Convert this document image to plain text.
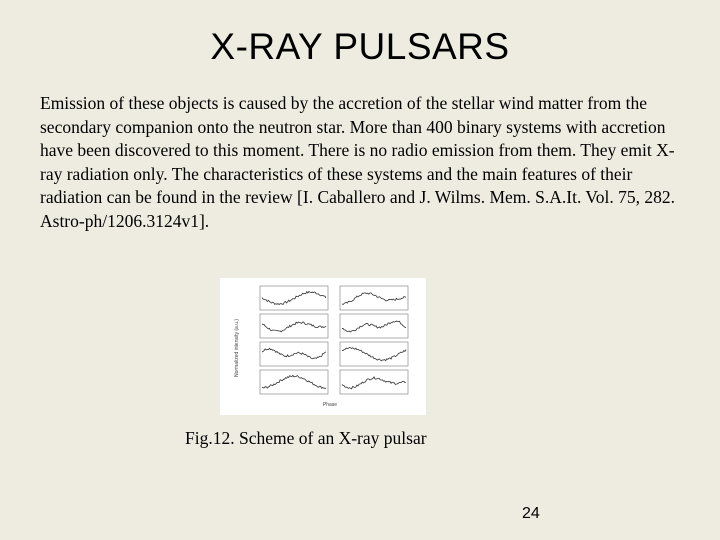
X-RAY PULSARS
Emission of these objects is caused by the accretion of the stellar wind matter from the secondary companion onto the neutron star. More than 400 binary systems with accretion have been discovered to this moment. There is no radio emission from them. They emit X-ray radiation only. The characteristics of these systems and the main features of their radiation can be found in the review [I. Caballero and J. Wilms. Mem. S.A.It. Vol. 75, 282. Astro-ph/1206.3124v1].
Normalized intensity (a.u.)
Phase
Fig.12. Scheme of an X-ray pulsar
24
